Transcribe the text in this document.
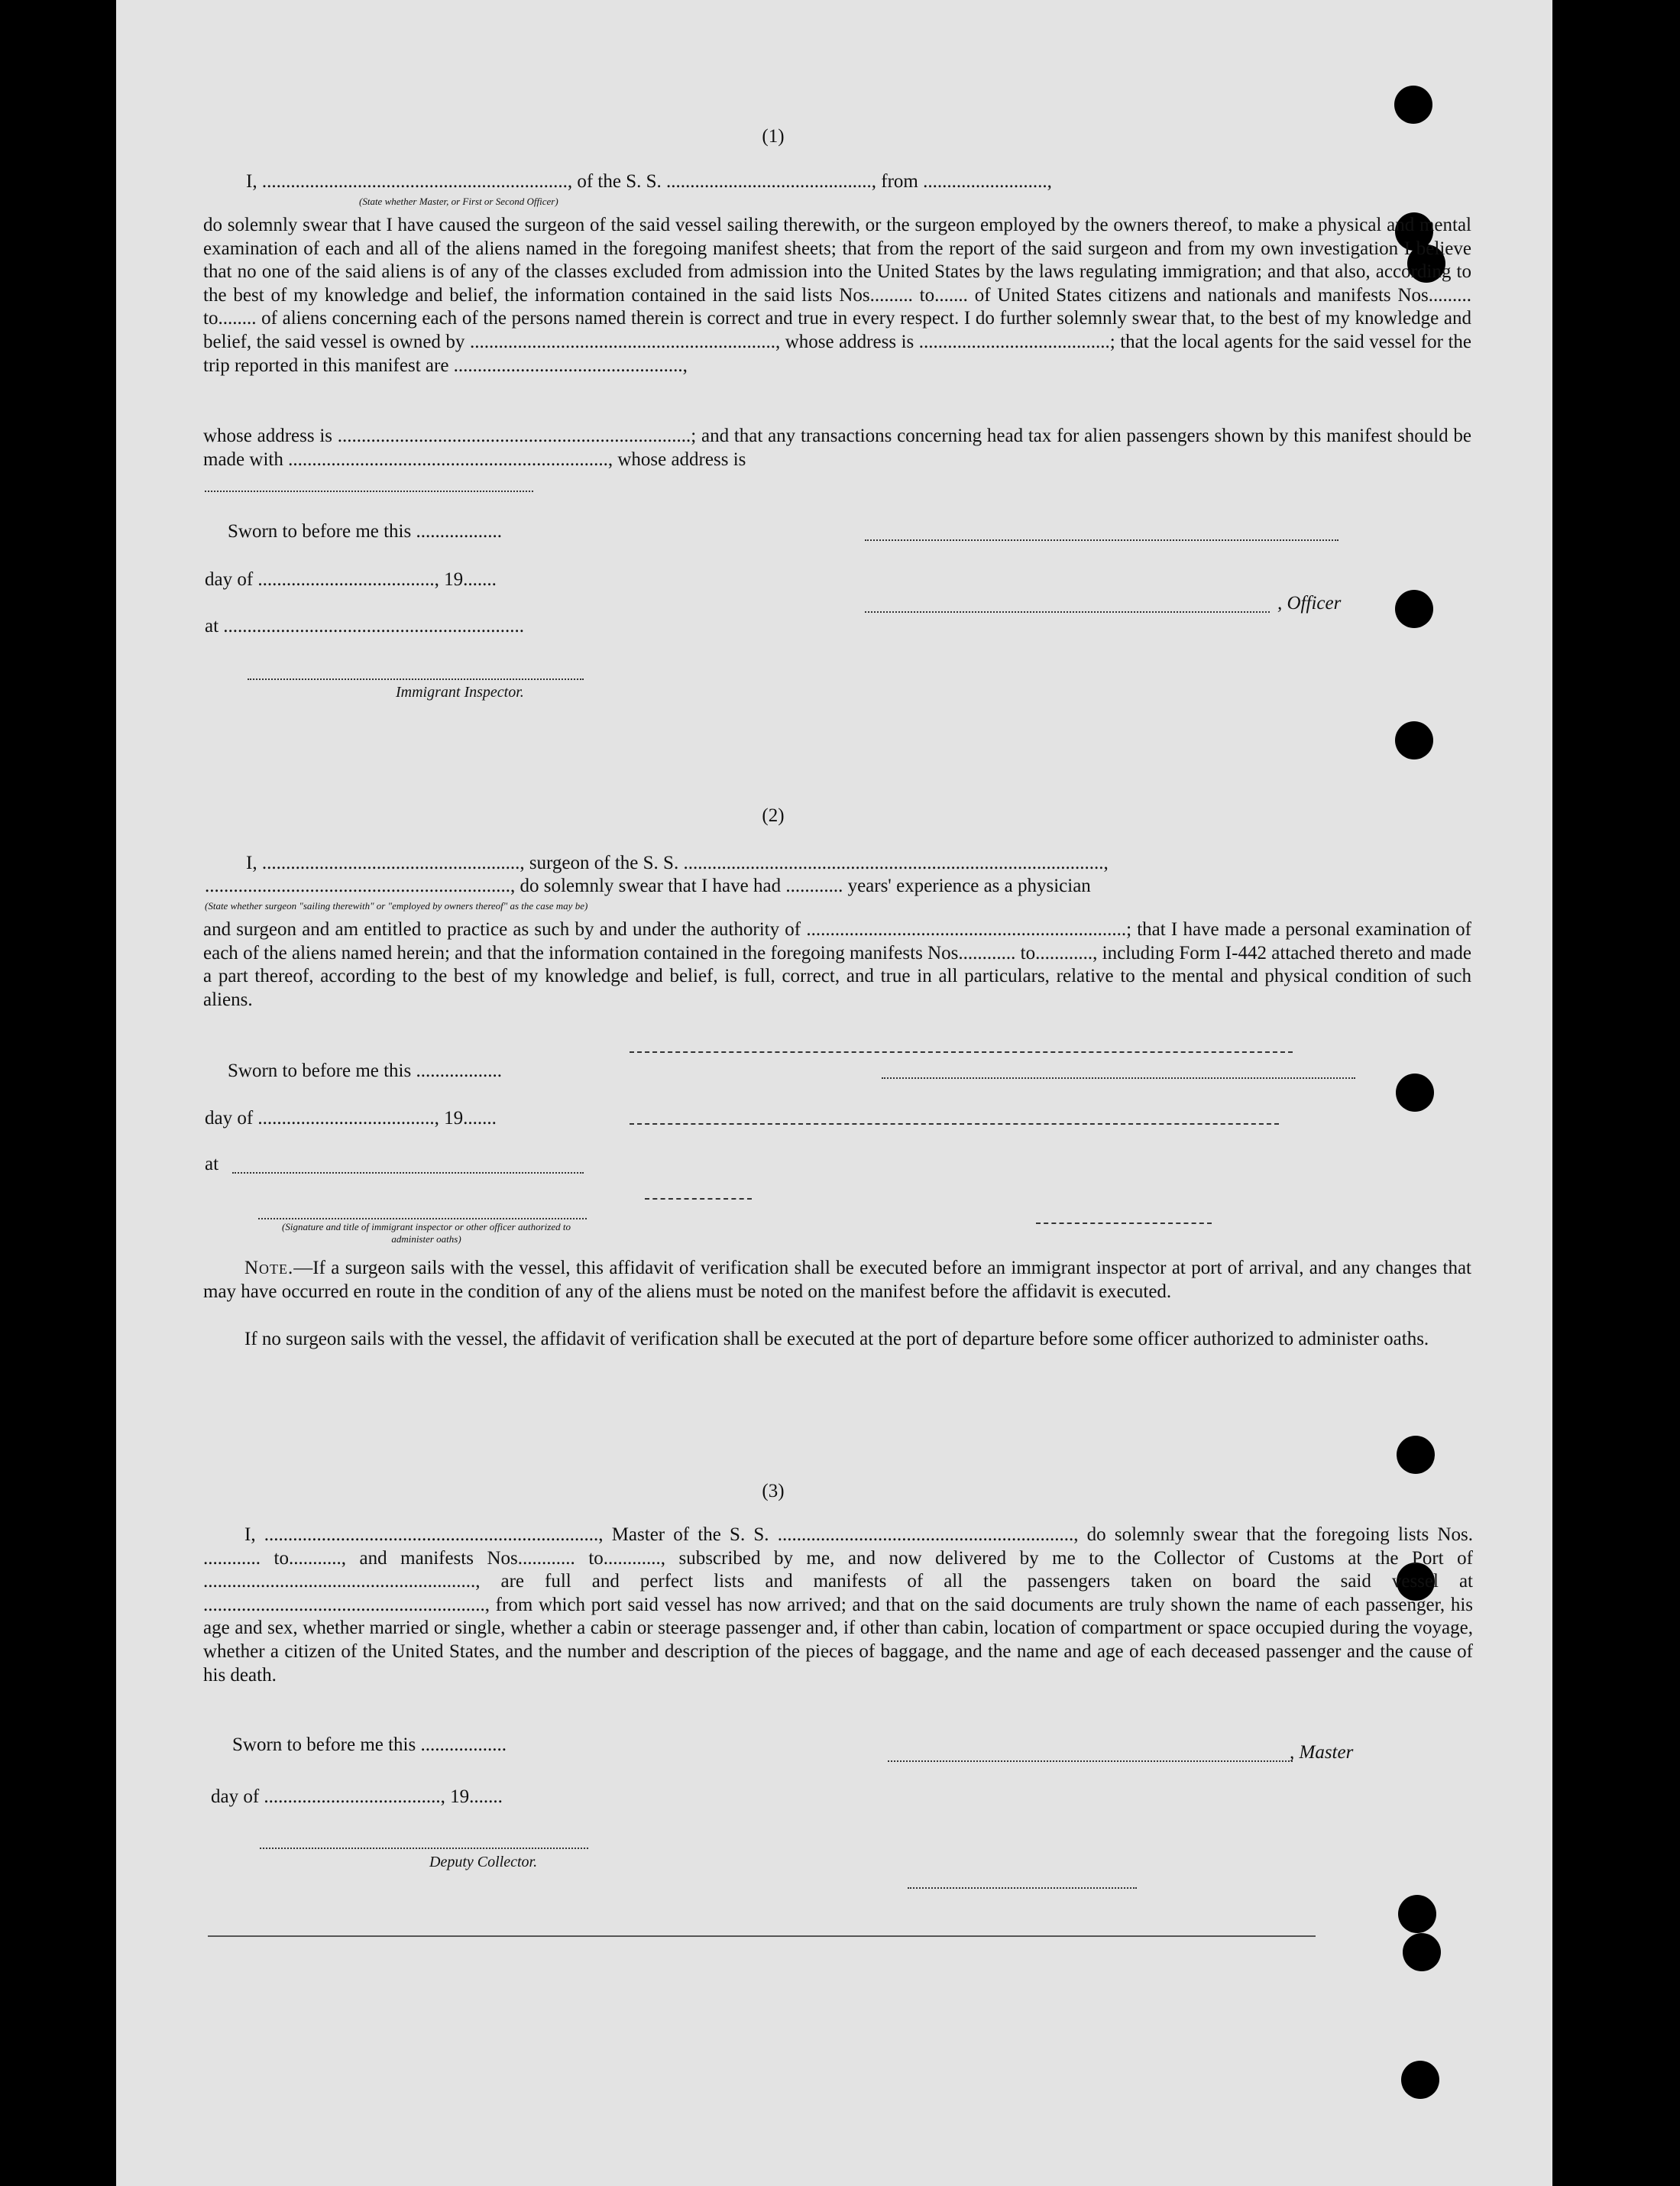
(1)
I, ................................................................, of the S. S. ..........................................., from ..........................,
(State whether Master, or First or Second Officer)
do solemnly swear that I have caused the surgeon of the said vessel sailing therewith, or the surgeon employed by the owners thereof, to make a physical and mental examination of each and all of the aliens named in the foregoing manifest sheets; that from the report of the said surgeon and from my own investigation I believe that no one of the said aliens is of any of the classes excluded from admission into the United States by the laws regulating immigration; and that also, according to the best of my knowledge and belief, the information contained in the said lists Nos......... to....... of United States citizens and nationals and manifests Nos......... to........ of aliens concerning each of the persons named therein is correct and true in every respect. I do further solemnly swear that, to the best of my knowledge and belief, the said vessel is owned by ................................................................, whose address is ........................................; that the local agents for the said vessel for the trip reported in this manifest are ................................................,
whose address is ..........................................................................; and that any transactions concerning head tax for alien passengers shown by this manifest should be made with ..................................................................., whose address is
Sworn to before me this ..................
day of ....................................., 19.......
at ...............................................................
Immigrant Inspector.
, Officer
(2)
I, ......................................................, surgeon of the S. S. ........................................................................................,
................................................................, do solemnly swear that I have had ............ years' experience as a physician
(State whether surgeon "sailing therewith" or "employed by owners thereof" as the case may be)
and surgeon and am entitled to practice as such by and under the authority of ...................................................................; that I have made a personal examination of each of the aliens named herein; and that the information contained in the foregoing manifests Nos............ to............, including Form I-442 attached thereto and made a part thereof, according to the best of my knowledge and belief, is full, correct, and true in all particulars, relative to the mental and physical condition of such aliens.
Sworn to before me this ..................
day of ....................................., 19.......
at
(Signature and title of immigrant inspector or other officer authorized to administer oaths)
Note.—If a surgeon sails with the vessel, this affidavit of verification shall be executed before an immigrant inspector at port of arrival, and any changes that may have occurred en route in the condition of any of the aliens must be noted on the manifest before the affidavit is executed.
If no surgeon sails with the vessel, the affidavit of verification shall be executed at the port of departure before some officer authorized to administer oaths.
(3)
I, ......................................................................, Master of the S. S. .............................................................., do solemnly swear that the foregoing lists Nos. ............ to..........., and manifests Nos............ to............, subscribed by me, and now delivered by me to the Collector of Customs at the Port of ........................................................., are full and perfect lists and manifests of all the passengers taken on board the said vessel at ..........................................................., from which port said vessel has now arrived; and that on the said documents are truly shown the name of each passenger, his age and sex, whether married or single, whether a cabin or steerage passenger and, if other than cabin, location of compartment or space occupied during the voyage, whether a citizen of the United States, and the number and description of the pieces of baggage, and the name and age of each deceased passenger and the cause of his death.
Sworn to before me this ..................
day of ....................................., 19.......
Deputy Collector.
, Master
